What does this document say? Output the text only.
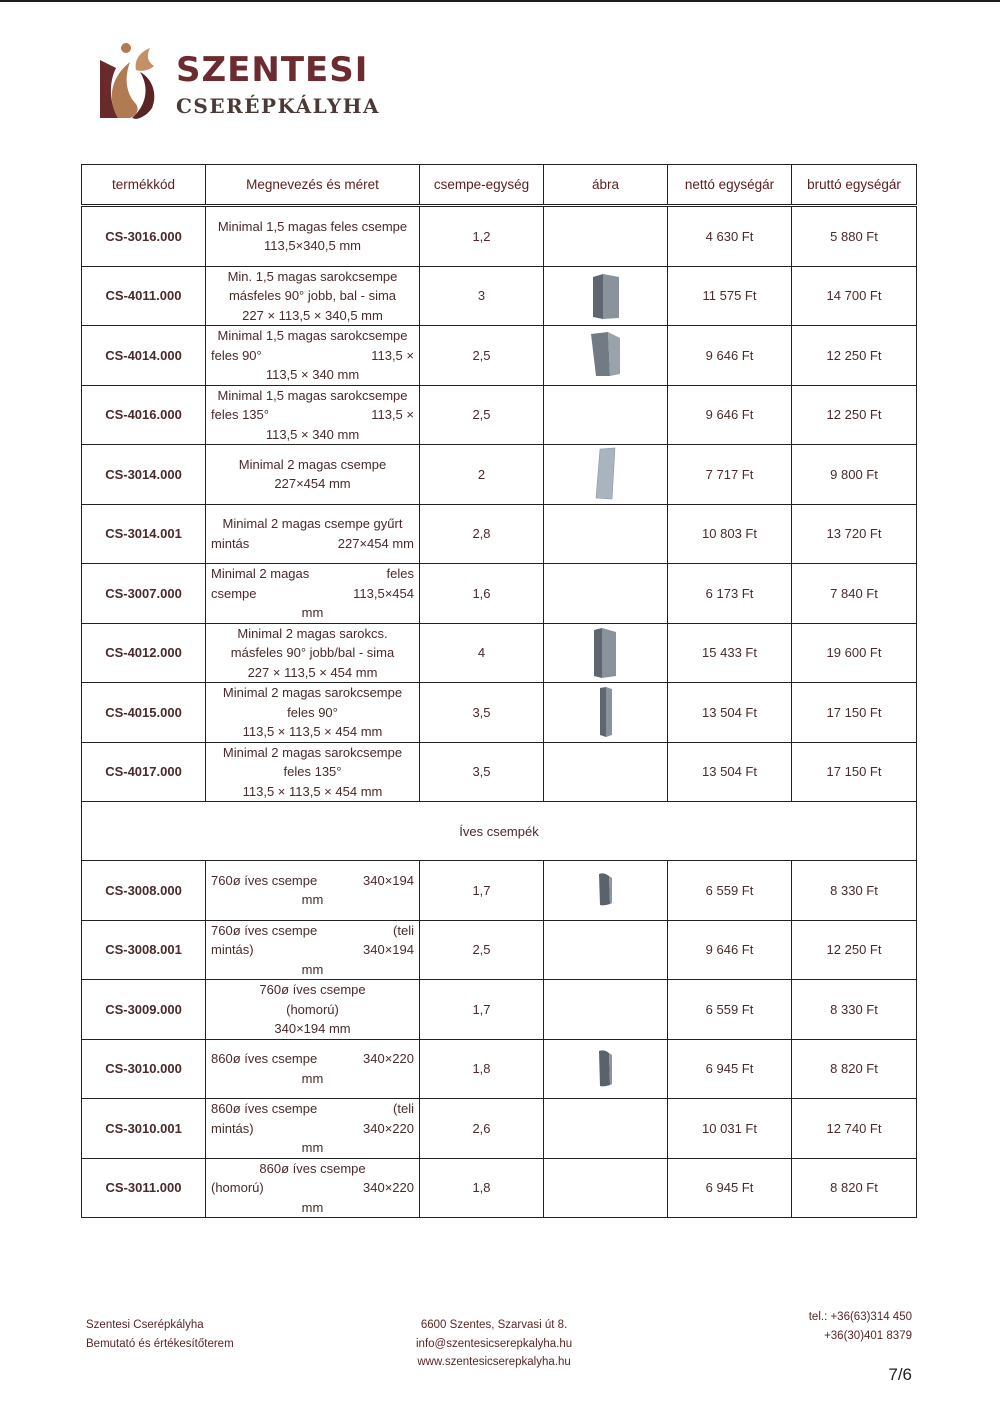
SZENTESI
CSERÉPKÁLYHA
termékkód	Megnevezés és méret	csempe-egység	ábra	nettó egységár	bruttó egységár
CS-3016.000	Minimal 1,5 magas feles csempe
113,5×340,5 mm	1,2		4 630 Ft	5 880 Ft
CS-4011.000	Min. 1,5 magas sarokcsempe
másfeles 90° jobb, bal - sima
227 × 113,5 × 340,5 mm	3		11 575 Ft	14 700 Ft
CS-4014.000	Minimal 1,5 magas sarokcsempe
feles 90° 113,5 ×
113,5 × 340 mm	2,5		9 646 Ft	12 250 Ft
CS-4016.000	Minimal 1,5 magas sarokcsempe
feles 135° 113,5 ×
113,5 × 340 mm	2,5		9 646 Ft	12 250 Ft
CS-3014.000	Minimal 2 magas csempe
227×454 mm	2		7 717 Ft	9 800 Ft
CS-3014.001	Minimal 2 magas csempe gyűrt
mintás 227×454 mm	2,8		10 803 Ft	13 720 Ft
CS-3007.000	Minimal 2 magas feles
csempe 113,5×454
mm	1,6		6 173 Ft	7 840 Ft
CS-4012.000	Minimal 2 magas sarokcs.
másfeles 90° jobb/bal - sima
227 × 113,5 × 454 mm	4		15 433 Ft	19 600 Ft
CS-4015.000	Minimal 2 magas sarokcsempe
feles 90°
113,5 × 113,5 × 454 mm	3,5		13 504 Ft	17 150 Ft
CS-4017.000	Minimal 2 magas sarokcsempe
feles 135°
113,5 × 113,5 × 454 mm	3,5		13 504 Ft	17 150 Ft
Íves csempék					
CS-3008.000	760ø íves csempe 340×194
mm	1,7		6 559 Ft	8 330 Ft
CS-3008.001	760ø íves csempe (teli
mintás) 340×194
mm	2,5		9 646 Ft	12 250 Ft
CS-3009.000	760ø íves csempe
(homorú)
340×194 mm	1,7		6 559 Ft	8 330 Ft
CS-3010.000	860ø íves csempe 340×220
mm	1,8		6 945 Ft	8 820 Ft
CS-3010.001	860ø íves csempe (teli
mintás) 340×220
mm	2,6		10 031 Ft	12 740 Ft
CS-3011.000	860ø íves csempe
(homorú) 340×220
mm	1,8		6 945 Ft	8 820 Ft
Szentesi Cserépkályha
Bemutató és értékesítőterem
6600 Szentes, Szarvasi út 8.
info@szentesicserepkalyha.hu
www.szentesicserepkalyha.hu
tel.: +36(63)314 450
+36(30)401 8379
7/6
